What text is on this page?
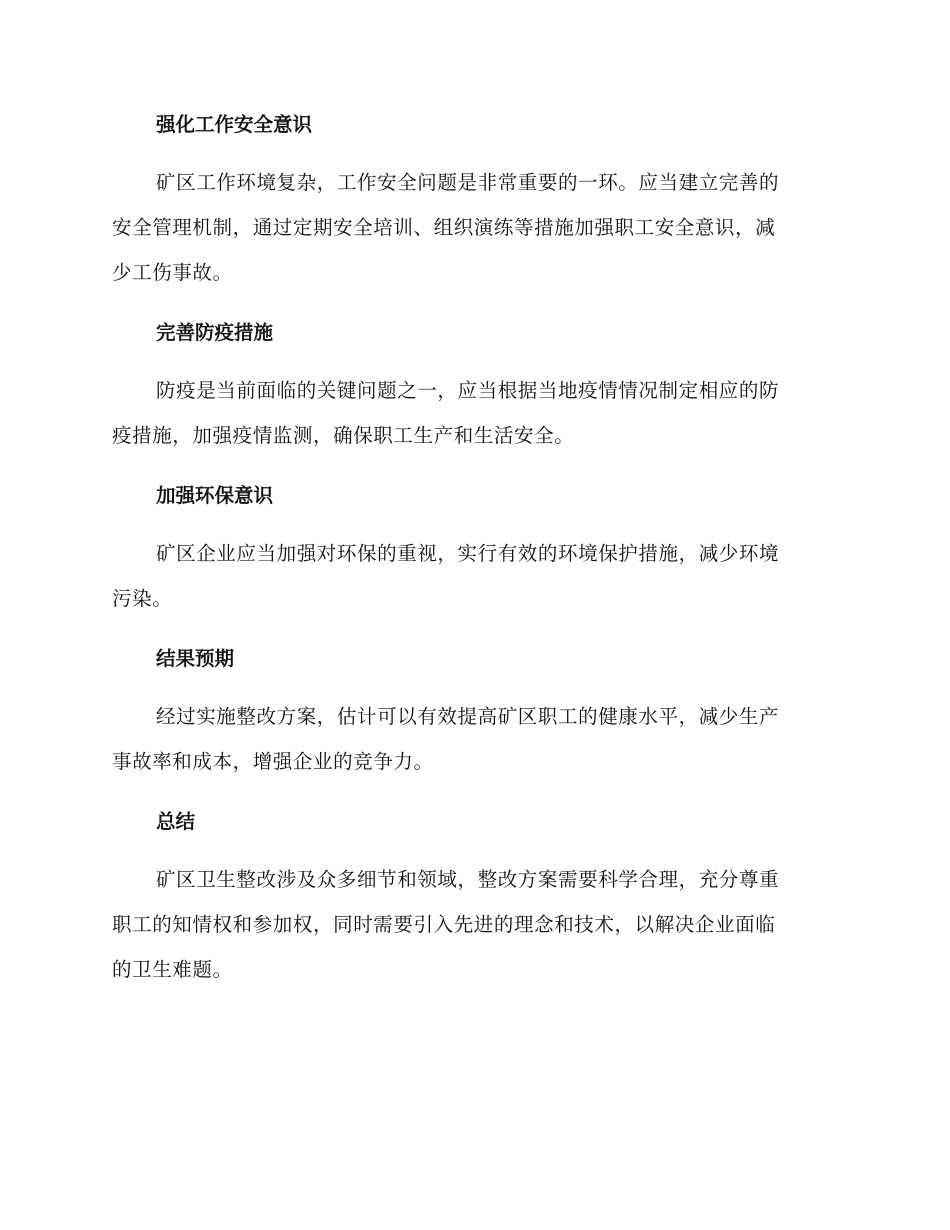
强化工作安全意识

矿区工作环境复杂，工作安全问题是非常重要的一环。应当建立完善的
安全管理机制，通过定期安全培训、组织演练等措施加强职工安全意识，减
少工伤事故。

完善防疫措施

防疫是当前面临的关键问题之一，应当根据当地疫情情况制定相应的防
疫措施，加强疫情监测，确保职工生产和生活安全。

加强环保意识

矿区企业应当加强对环保的重视，实行有效的环境保护措施，减少环境
污染。

结果预期

经过实施整改方案，估计可以有效提高矿区职工的健康水平，减少生产
事故率和成本，增强企业的竞争力。

总结

矿区卫生整改涉及众多细节和领域，整改方案需要科学合理，充分尊重
职工的知情权和参加权，同时需要引入先进的理念和技术，以解决企业面临
的卫生难题。
